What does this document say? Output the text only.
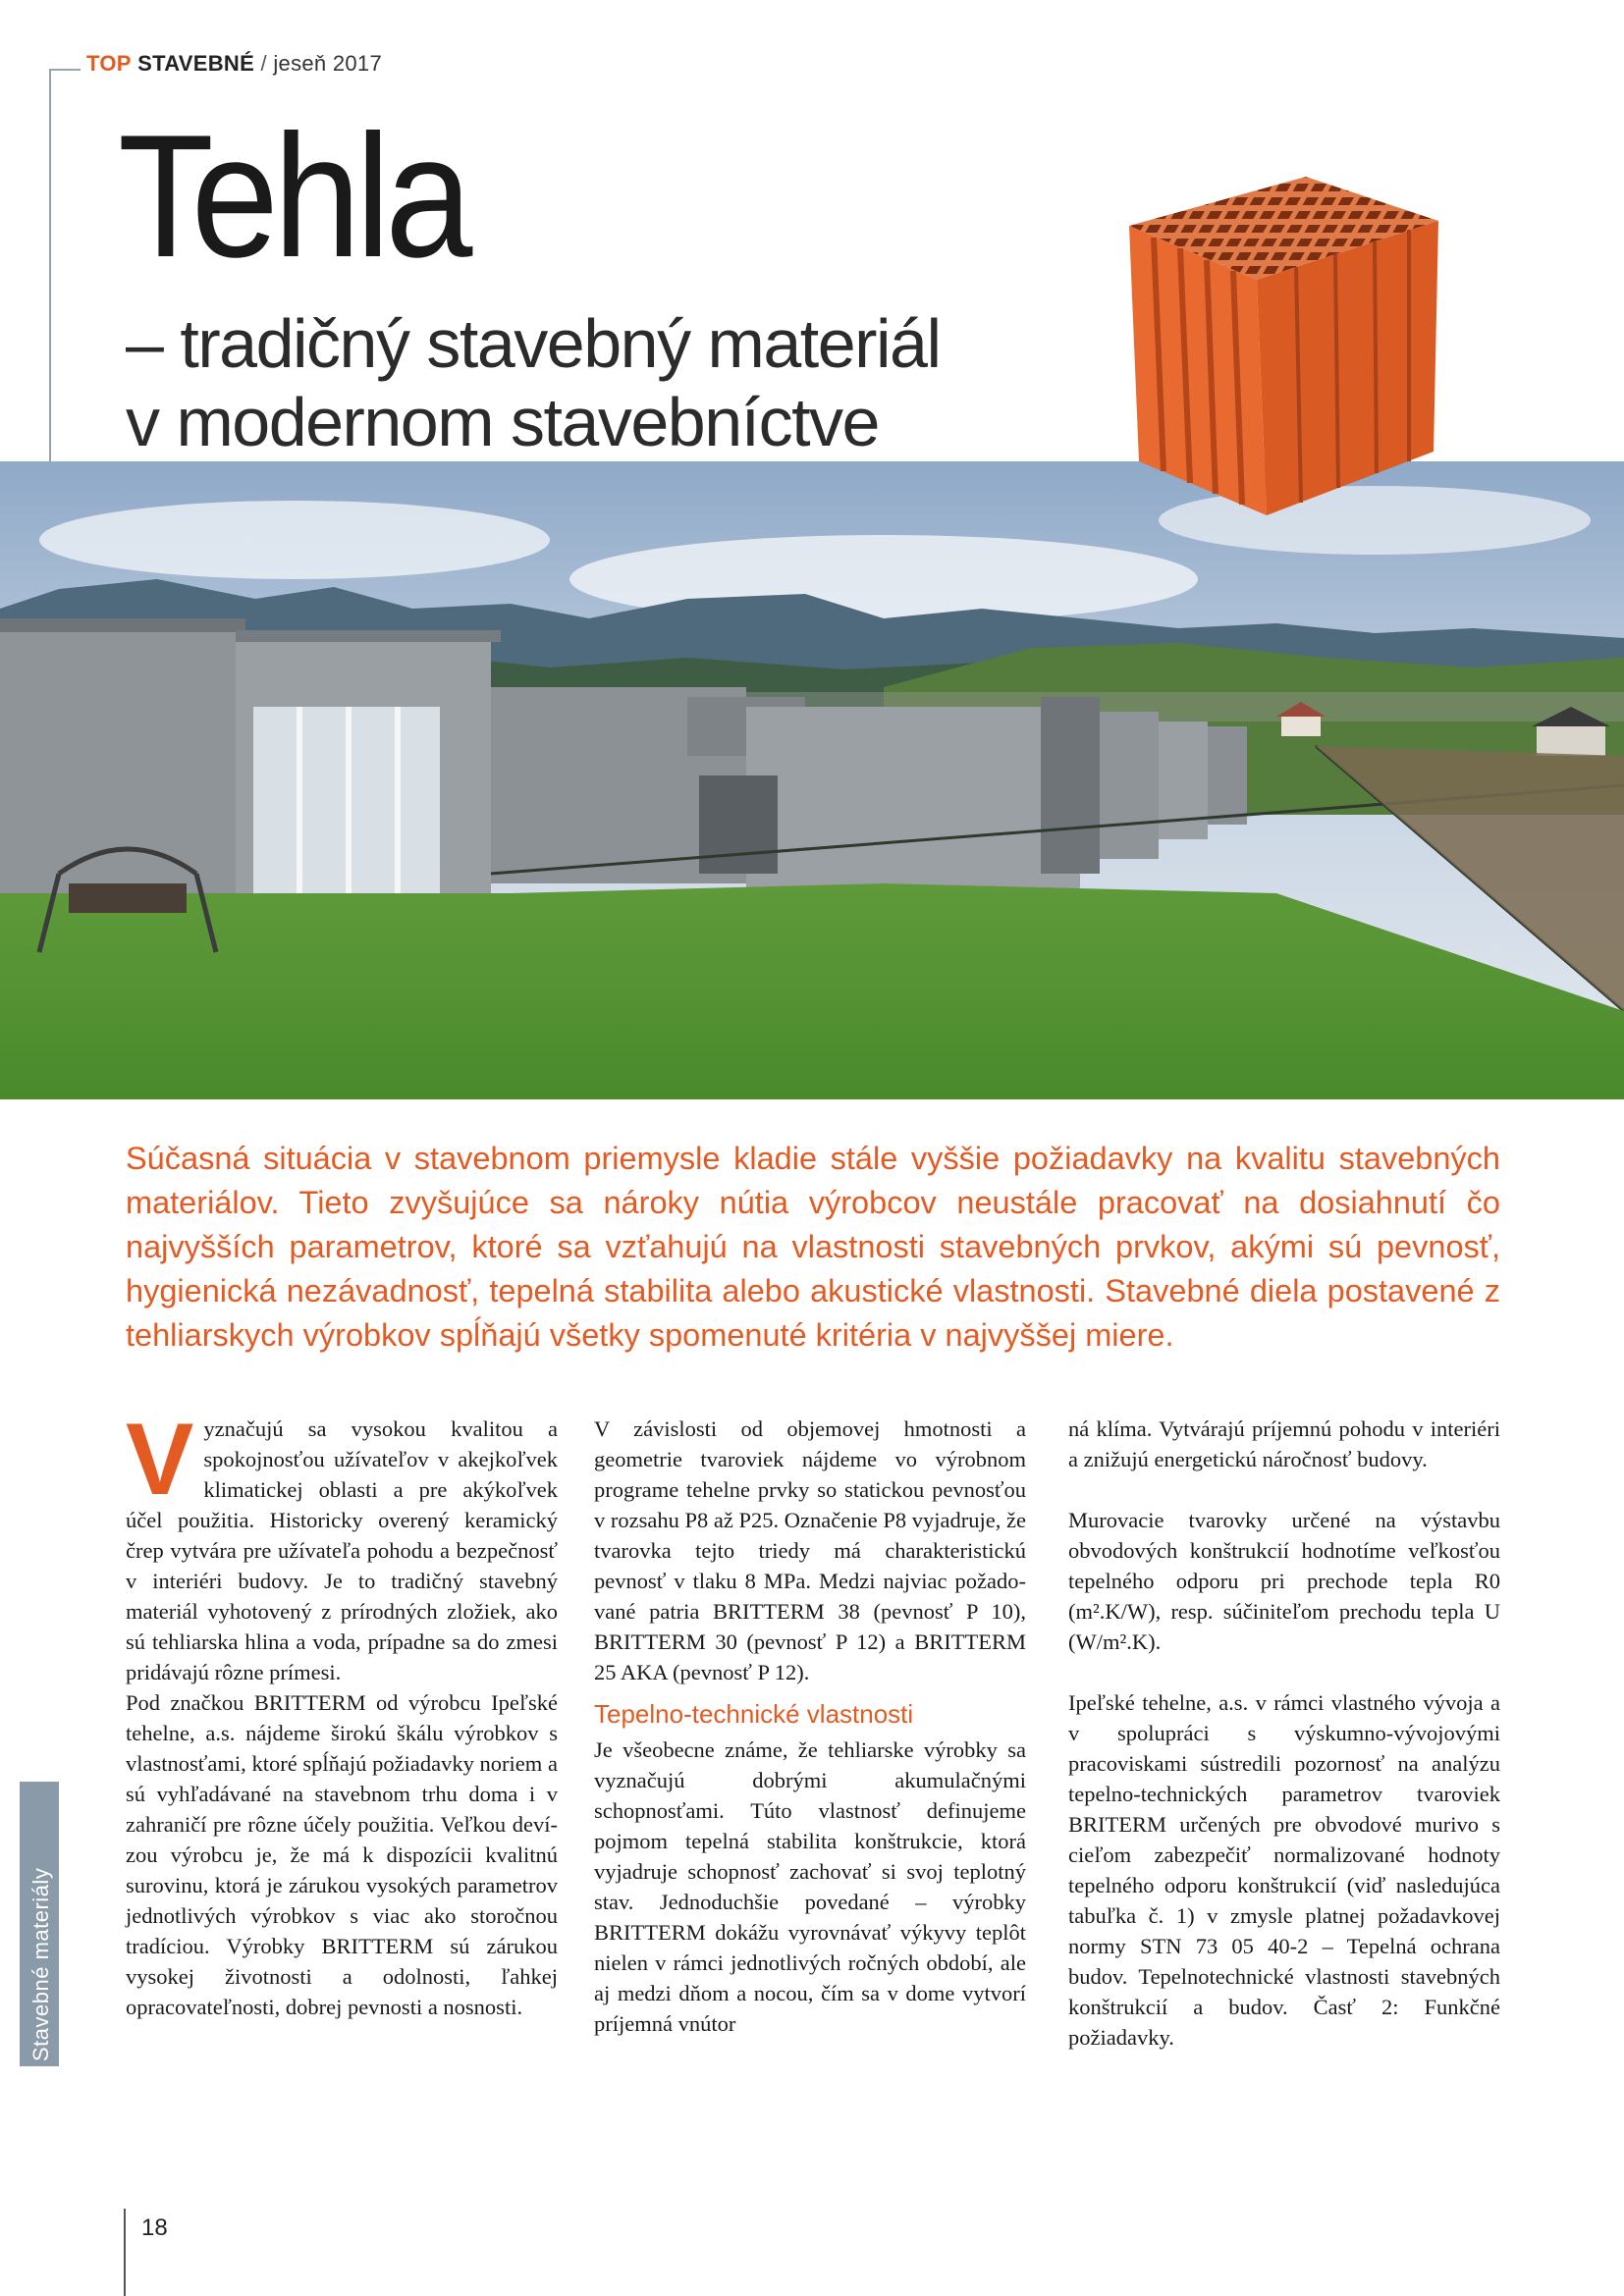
TOP STAVEBNÉ / jeseň 2017
Tehla
– tradičný stavebný materiál
v modernom stavebníctve
Súčasná situácia v stavebnom priemysle kladie stále vyššie požiadavky na kvalitu stavebných materiálov. Tieto zvyšujúce sa nároky nútia výrobcov neustále pracovať na dosiahnutí čo najvyšších parametrov, ktoré sa vzťahujú na vlastnosti stavebných prvkov, akými sú pevnosť, hygienická nezávadnosť, tepelná stabilita alebo akustické vlastnosti. Stavebné diela postavené z tehliarskych výrobkov spĺňajú všetky spomenuté kritéria v najvyššej miere.

Vyznačujú sa vysokou kvalitou a spokojnosťou užívateľov v akejkoľvek klimatickej oblasti a pre akýkoľvek účel použitia. Historicky overený keramický črep vytvára pre užívateľa pohodu a bezpečnosť v interiéri budovy. Je to tradičný stavebný materiál vyhotovený z prírodných zložiek, ako sú tehliarska hlina a voda, prípadne sa do zmesi pridávajú rôzne prímesi.

Pod značkou BRITTERM od výrobcu Ipeľské tehelne, a.s. nájdeme širokú škálu výrobkov s vlastnosťami, ktoré spĺňajú požiadavky noriem a sú vyhľadávané na stavebnom trhu doma i v zahraničí pre rôzne účely použitia. Veľkou devízou výrobcu je, že má k dispozícii kvalitnú surovinu, ktorá je zárukou vysokých parametrov jednotlivých výrobkov s viac ako storočnou tradíciou. Výrobky BRITTERM sú zárukou vysokej životnosti a odolnosti, ľahkej opracovateľnosti, dobrej pevnosti a nosnosti.

V závislosti od objemovej hmotnosti a geometrie tvaroviek nájdeme vo výrobnom programe tehelne prvky so statickou pevnosťou v rozsahu P8 až P25. Označenie P8 vyjadruje, že tvarovka tejto triedy má charakteristickú pevnosť v tlaku 8 MPa. Medzi najviac požadované patria BRITTERM 38 (pevnosť P 10), BRITTERM 30 (pevnosť P 12) a BRITTERM 25 AKA (pevnosť P 12).

Tepelno-technické vlastnosti

Je všeobecne známe, že tehliarske výrobky sa vyznačujú dobrými akumulačnými schopnosťami. Túto vlastnosť definujeme pojmom tepelná stabilita konštrukcie, ktorá vyjadruje schopnosť zachovať si svoj teplotný stav. Jednoduchšie povedané – výrobky BRITTERM dokážu vyrovnávať výkyvy teplôt nielen v rámci jednotlivých ročných období, ale aj medzi dňom a nocou, čím sa v dome vytvorí príjemná vnútor

ná klíma. Vytvárajú príjemnú pohodu v interiéri a znižujú energetickú náročnosť budovy.

Murovacie tvarovky určené na výstavbu obvodových konštrukcií hodnotíme veľkosťou tepelného odporu pri prechode tepla R0 (m².K/W), resp. súčiniteľom prechodu tepla U (W/m².K).

Ipeľské tehelne, a.s. v rámci vlastného vývoja a v spolupráci s výskumno-vývojovými pracoviskami sústredili pozornosť na analýzu tepelno-technických parametrov tvaroviek BRITERM určených pre obvodové murivo s cieľom zabezpečiť normalizované hodnoty tepelného odporu konštrukcií (viď nasledujúca tabuľka č. 1) v zmysle platnej požadavkovej normy STN 73 05 40-2 – Tepelná ochrana budov. Tepelnotechnické vlastnosti stavebných konštrukcií a budov. Časť 2: Funkčné požiadavky.

Stavebné materiály
18
